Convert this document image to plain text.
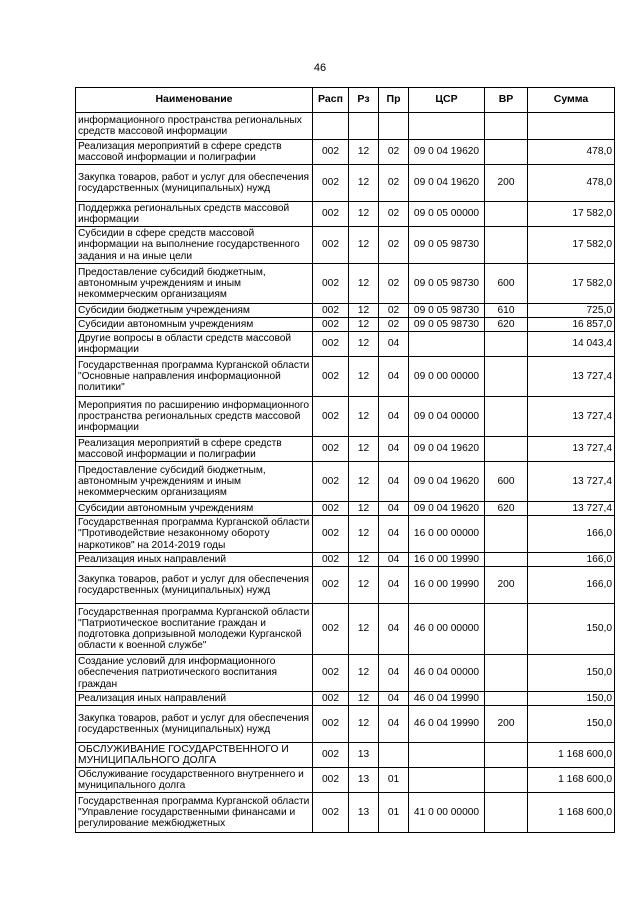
46
Наименование	Расп	Рз	Пр	ЦСР	ВР	Сумма
информационного пространства региональных средств массовой информации						
Реализация мероприятий в сфере средств массовой информации и полиграфии	002	12	02	09 0 04 19620		478,0
Закупка товаров, работ и услуг для обеспечения государственных (муниципальных) нужд	002	12	02	09 0 04 19620	200	478,0
Поддержка региональных средств массовой информации	002	12	02	09 0 05 00000		17 582,0
Субсидии в сфере средств массовой информации на выполнение государственного задания и на иные цели	002	12	02	09 0 05 98730		17 582,0
Предоставление субсидий бюджетным, автономным учреждениям и иным некоммерческим организациям	002	12	02	09 0 05 98730	600	17 582,0
Субсидии бюджетным учреждениям	002	12	02	09 0 05 98730	610	725,0
Субсидии автономным учреждениям	002	12	02	09 0 05 98730	620	16 857,0
Другие вопросы в области средств массовой информации	002	12	04			14 043,4
Государственная программа Курганской области "Основные направления информационной политики"	002	12	04	09 0 00 00000		13 727,4
Мероприятия по расширению информационного пространства региональных средств массовой информации	002	12	04	09 0 04 00000		13 727,4
Реализация мероприятий в сфере средств массовой информации и полиграфии	002	12	04	09 0 04 19620		13 727,4
Предоставление субсидий бюджетным, автономным учреждениям и иным некоммерческим организациям	002	12	04	09 0 04 19620	600	13 727,4
Субсидии автономным учреждениям	002	12	04	09 0 04 19620	620	13 727,4
Государственная программа Курганской области "Противодействие незаконному обороту наркотиков" на 2014-2019 годы	002	12	04	16 0 00 00000		166,0
Реализация иных направлений	002	12	04	16 0 00 19990		166,0
Закупка товаров, работ и услуг для обеспечения государственных (муниципальных) нужд	002	12	04	16 0 00 19990	200	166,0
Государственная программа Курганской области "Патриотическое воспитание граждан и подготовка допризывной молодежи Курганской области к военной службе"	002	12	04	46 0 00 00000		150,0
Создание условий для информационного обеспечения патриотического воспитания граждан	002	12	04	46 0 04 00000		150,0
Реализация иных направлений	002	12	04	46 0 04 19990		150,0
Закупка товаров, работ и услуг для обеспечения государственных (муниципальных) нужд	002	12	04	46 0 04 19990	200	150,0
ОБСЛУЖИВАНИЕ ГОСУДАРСТВЕННОГО И МУНИЦИПАЛЬНОГО ДОЛГА	002	13				1 168 600,0
Обслуживание государственного внутреннего и муниципального долга	002	13	01			1 168 600,0
Государственная программа Курганской области "Управление государственными финансами и регулирование межбюджетных	002	13	01	41 0 00 00000		1 168 600,0
